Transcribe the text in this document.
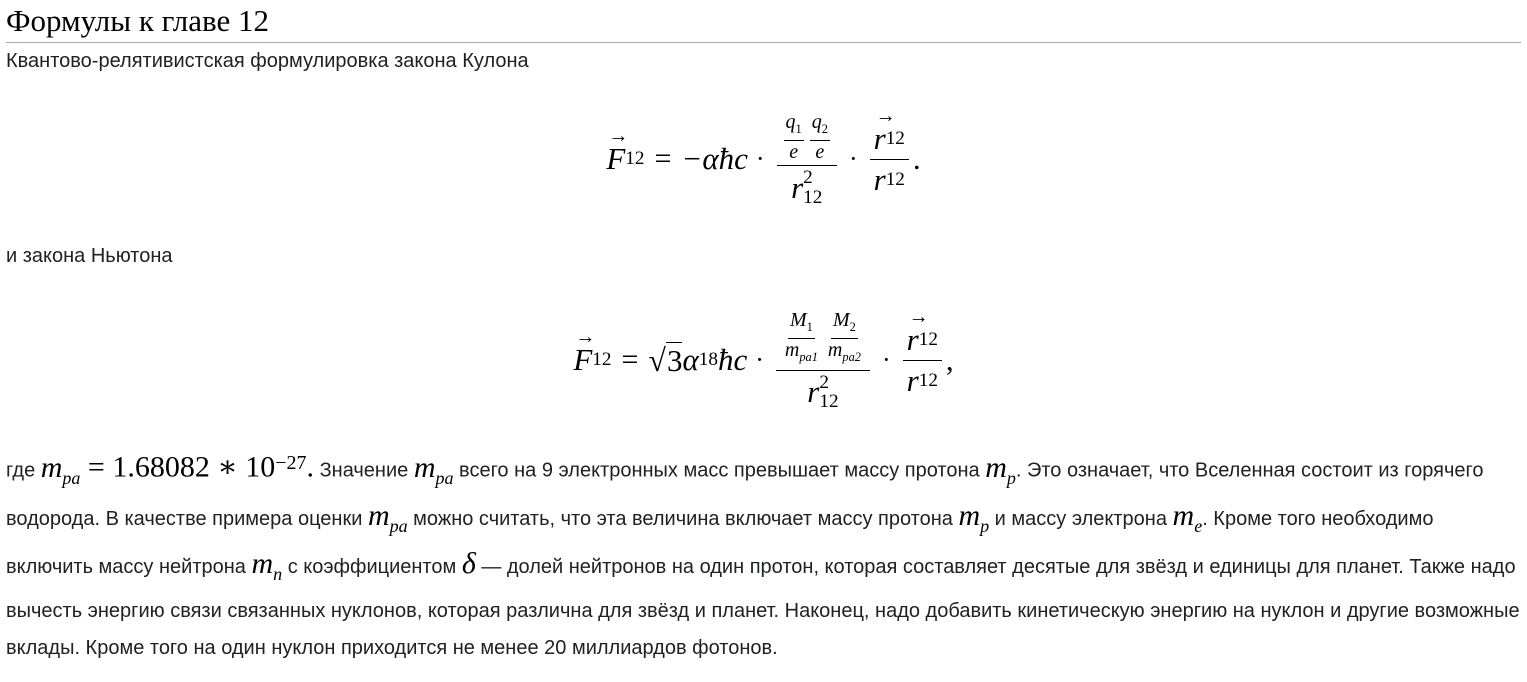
Формулы к главе 12

Квантово-релятивистская формулировка закона Кулона

→
F 12 = −αħc · $\frac{q_1}{e} \frac{q_2}{e}$
r 2
12 · →
r 12
r 12 .

и закона Ньютона

→
F 12 = √ 3 α 18 ħc · $\frac{M_1}{m_{pa1}} \frac{M_2}{m_{pa2}}$
r 2
12 · →
r 12
r 12 ,

где $m_{pa} = 1.68082$ ∗ $10^{-27}$. Значение $m_{pa}$ всего на 9 электронных масс превышает массу протона $m_p$. Это означает, что Вселенная состоит из горячего водорода. В качестве примера оценки $m_{pa}$ можно считать, что эта величина включает массу протона $m_p$ и массу электрона $m_e$. Кроме того необходимо включить массу нейтрона $m_n$ с коэффициентом δ — долей нейтронов на один протон, которая составляет десятые для звёзд и единицы для планет. Также надо вычесть энергию связи связанных нуклонов, которая различна для звёзд и планет. Наконец, надо добавить кинетическую энергию на нуклон и другие возможные вклады. Кроме того на один нуклон приходится не менее 20 миллиардов фотонов.
